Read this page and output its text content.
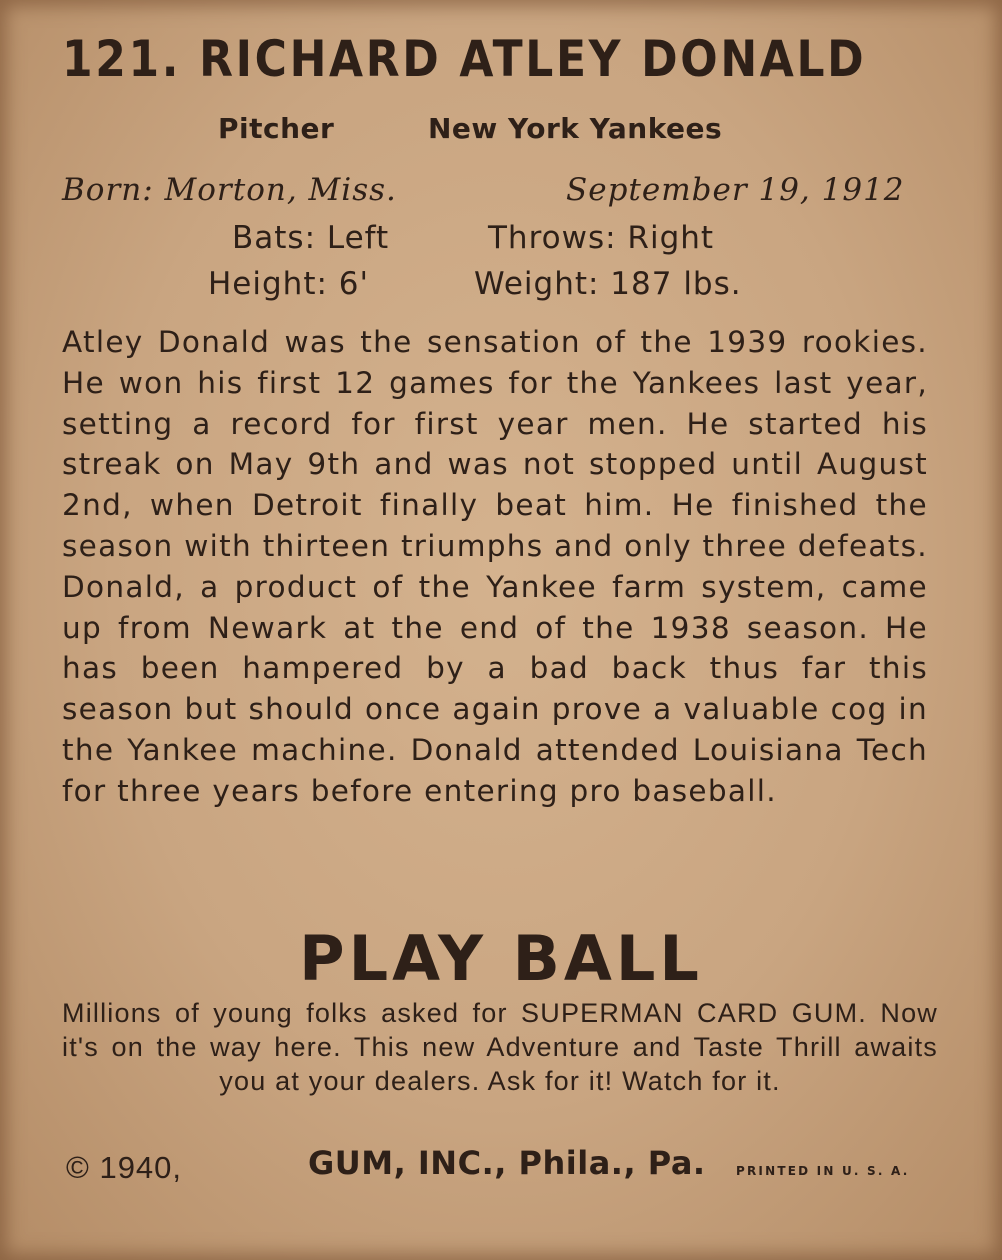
121. RICHARD ATLEY DONALD
Pitcher	New York Yankees
Born: Morton, Miss.	September 19, 1912
Bats: Left	Throws: Right
Height: 6'	Weight: 187 lbs.

Atley Donald was the sensation of the 1939 rookies. He won his first 12 games for the Yankees last year, setting a record for first year men. He started his streak on May 9th and was not stopped until August 2nd, when Detroit finally beat him. He finished the season with thirteen triumphs and only three defeats. Donald, a product of the Yankee farm system, came up from Newark at the end of the 1938 season. He has been hampered by a bad back thus far this season but should once again prove a valuable cog in the Yankee machine. Donald attended Louisiana Tech for three years before entering pro baseball.

PLAY BALL

Millions of young folks asked for SUPERMAN CARD GUM. Now it's on the way here. This new Adventure and Taste Thrill awaits you at your dealers. Ask for it! Watch for it.

© 1940,	GUM, INC., Phila., Pa.	PRINTED IN U. S. A.
